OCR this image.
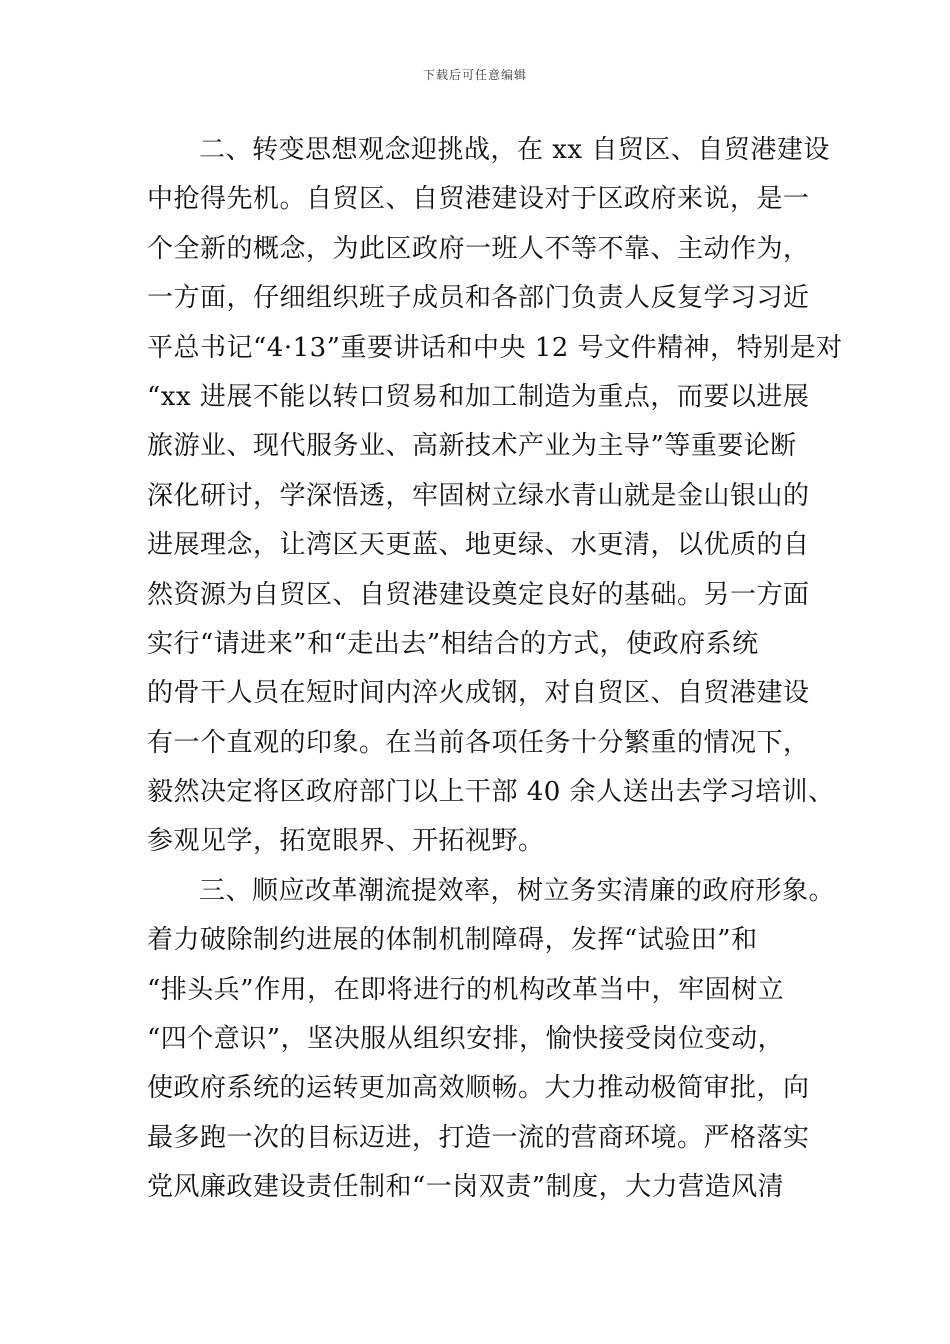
下载后可任意编辑
二、转变思想观念迎挑战，在 xx 自贸区、自贸港建设
中抢得先机。自贸区、自贸港建设对于区政府来说，是一
个全新的概念，为此区政府一班人不等不靠、主动作为，
一方面，仔细组织班子成员和各部门负责人反复学习习近
平总书记“4·13”重要讲话和中央 12 号文件精神，特别是对
“xx 进展不能以转口贸易和加工制造为重点，而要以进展
旅游业、现代服务业、高新技术产业为主导”等重要论断
深化研讨，学深悟透，牢固树立绿水青山就是金山银山的
进展理念，让湾区天更蓝、地更绿、水更清，以优质的自
然资源为自贸区、自贸港建设奠定良好的基础。另一方面
实行“请进来”和“走出去”相结合的方式，使政府系统
的骨干人员在短时间内淬火成钢，对自贸区、自贸港建设
有一个直观的印象。在当前各项任务十分繁重的情况下，
毅然决定将区政府部门以上干部 40 余人送出去学习培训、
参观见学，拓宽眼界、开拓视野。
三、顺应改革潮流提效率，树立务实清廉的政府形象。
着力破除制约进展的体制机制障碍，发挥“试验田”和
“排头兵”作用，在即将进行的机构改革当中，牢固树立
“四个意识”，坚决服从组织安排，愉快接受岗位变动，
使政府系统的运转更加高效顺畅。大力推动极简审批，向
最多跑一次的目标迈进，打造一流的营商环境。严格落实
党风廉政建设责任制和“一岗双责”制度，大力营造风清
